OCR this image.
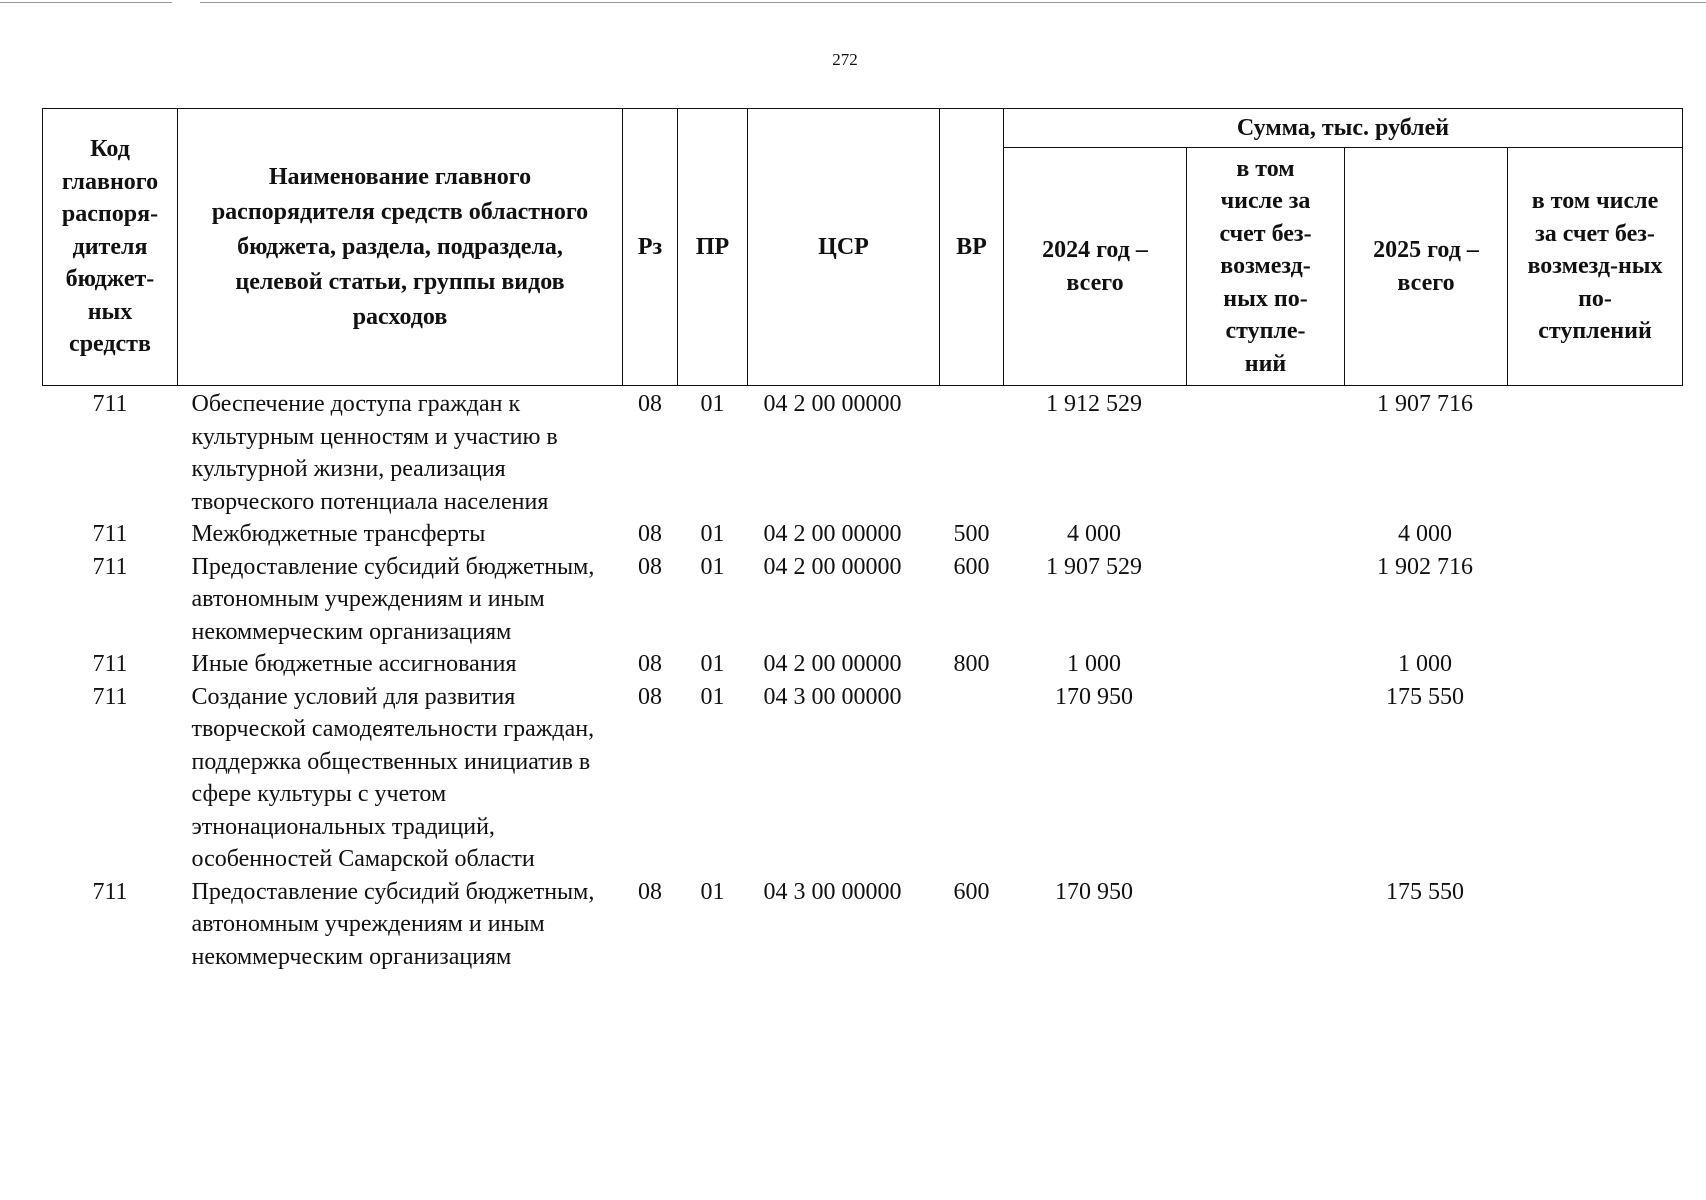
272
Код главного распоря-дителя бюджет-ных средств	Наименование главного распорядителя средств областного бюджета, раздела, подраздела, целевой статьи, группы видов расходов	Рз	ПР	ЦСР	ВР	Сумма, тыс. рублей			
						2024 год – всего	в том числе за счет без-возмезд-ных по-ступле-ний	2025 год – всего	в том числе за счет без-возмезд-ных по-ступлений
711	Обеспечение доступа граждан к культурным ценностям и участию в культурной жизни, реализация творческого потенциала населения	08	01	04 2 00 00000		1 912 529		1 907 716	
711	Межбюджетные трансферты	08	01	04 2 00 00000	500	4 000		4 000	
711	Предоставление субсидий бюджетным, автономным учреждениям и иным некоммерческим организациям	08	01	04 2 00 00000	600	1 907 529		1 902 716	
711	Иные бюджетные ассигнования	08	01	04 2 00 00000	800	1 000		1 000	
711	Создание условий для развития творческой самодеятельности граждан, поддержка общественных инициатив в сфере культуры с учетом этнонациональных традиций, особенностей Самарской области	08	01	04 3 00 00000		170 950		175 550	
711	Предоставление субсидий бюджетным, автономным учреждениям и иным некоммерческим организациям	08	01	04 3 00 00000	600	170 950		175 550	
